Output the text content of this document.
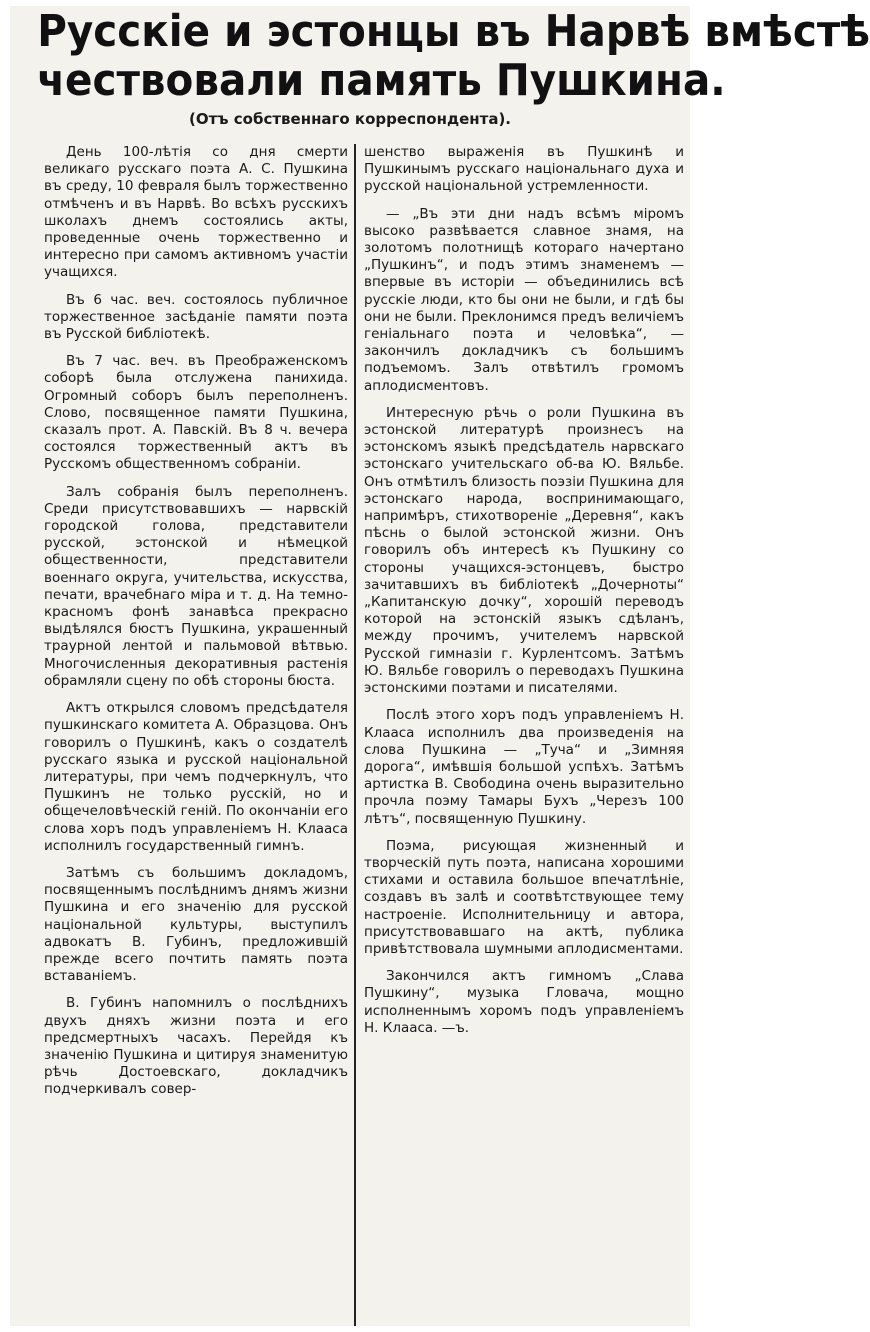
Русскіе и эстонцы въ Нарвѣ вмѣстѣ
чествовали память Пушкина.
(Отъ собственнаго корреспондента).

День 100-лѣтія со дня смерти великаго русскаго поэта А. С. Пушкина въ среду, 10 февраля былъ торжественно отмѣченъ и въ Нарвѣ. Во всѣхъ русскихъ школахъ днемъ состоялись акты, проведенные очень торжественно и интересно при самомъ активномъ участіи учащихся.

Въ 6 час. веч. состоялось публичное торжественное засѣданіе памяти поэта въ Русской библіотекѣ.

Въ 7 час. веч. въ Преображенскомъ соборѣ была отслужена панихида. Огромный соборъ былъ переполненъ. Слово, посвященное памяти Пушкина, сказалъ прот. А. Павскій. Въ 8 ч. вечера состоялся торжественный актъ въ Русскомъ общественномъ собраніи.

Залъ собранія былъ переполненъ. Среди присутствовавшихъ — нарвскій городской голова, представители русской, эстонской и нѣмецкой общественности, представители военнаго округа, учительства, искусства, печати, врачебнаго міра и т. д. На темно-красномъ фонѣ занавѣса прекрасно выдѣлялся бюстъ Пушкина, украшенный траурной лентой и пальмовой вѣтвью. Многочисленныя декоративныя растенія обрамляли сцену по обѣ стороны бюста.

Актъ открылся словомъ предсѣдателя пушкинскаго комитета А. Образцова. Онъ говорилъ о Пушкинѣ, какъ о создателѣ русскаго языка и русской національной литературы, при чемъ подчеркнулъ, что Пушкинъ не только русскій, но и общечеловѣческій геній. По окончаніи его слова хоръ подъ управленіемъ Н. Клааса исполнилъ государственный гимнъ.

Затѣмъ съ большимъ докладомъ, посвященнымъ послѣднимъ днямъ жизни Пушкина и его значенію для русской національной культуры, выступилъ адвокатъ В. Губинъ, предложившій прежде всего почтить память поэта вставаніемъ.

В. Губинъ напомнилъ о послѣднихъ двухъ дняхъ жизни поэта и его предсмертныхъ часахъ. Перейдя къ значенію Пушкина и цитируя знаменитую рѣчь Достоевскаго, докладчикъ подчеркивалъ совер-

шенство выраженія въ Пушкинѣ и Пушкинымъ русскаго національнаго духа и русской національной устремленности.

— „Въ эти дни надъ всѣмъ міромъ высоко развѣвается славное знамя, на золотомъ полотнищѣ котораго начертано „Пушкинъ“, и подъ этимъ знаменемъ — впервые въ исторіи — объединились всѣ русскіе люди, кто бы они не были, и гдѣ бы они не были. Преклонимся предъ величіемъ геніальнаго поэта и человѣка“, — закончилъ докладчикъ съ большимъ подъемомъ. Залъ отвѣтилъ громомъ аплодисментовъ.

Интересную рѣчь о роли Пушкина въ эстонской литературѣ произнесъ на эстонскомъ языкѣ предсѣдатель нарвскаго эстонскаго учительскаго об-ва Ю. Вяльбе. Онъ отмѣтилъ близость поэзіи Пушкина для эстонскаго народа, воспринимающаго, напримѣръ, стихотвореніе „Деревня“, какъ пѣснь о былой эстонской жизни. Онъ говорилъ объ интересѣ къ Пушкину со стороны учащихся-эстонцевъ, быстро зачитавшихъ въ библіотекѣ „Дочерноты“ „Капитанскую дочку“, хорошій переводъ которой на эстонскій языкъ сдѣланъ, между прочимъ, учителемъ нарвской Русской гимназіи г. Курлентсомъ. Затѣмъ Ю. Вяльбе говорилъ о переводахъ Пушкина эстонскими поэтами и писателями.

Послѣ этого хоръ подъ управленіемъ Н. Клааса исполнилъ два произведенія на слова Пушкина — „Туча“ и „Зимняя дорога“, имѣвшія большой успѣхъ. Затѣмъ артистка В. Свободина очень выразительно прочла поэму Тамары Бухъ „Черезъ 100 лѣтъ“, посвященную Пушкину.

Поэма, рисующая жизненный и творческій путь поэта, написана хорошими стихами и оставила большое впечатлѣніе, создавъ въ залѣ и соотвѣтствующее тему настроеніе. Исполнительницу и автора, присутствовавшаго на актѣ, публика привѣтствовала шумными аплодисментами.

Закончился актъ гимномъ „Слава Пушкину“, музыка Гловача, мощно исполненнымъ хоромъ подъ управленіемъ Н. Клааса. —ъ.
